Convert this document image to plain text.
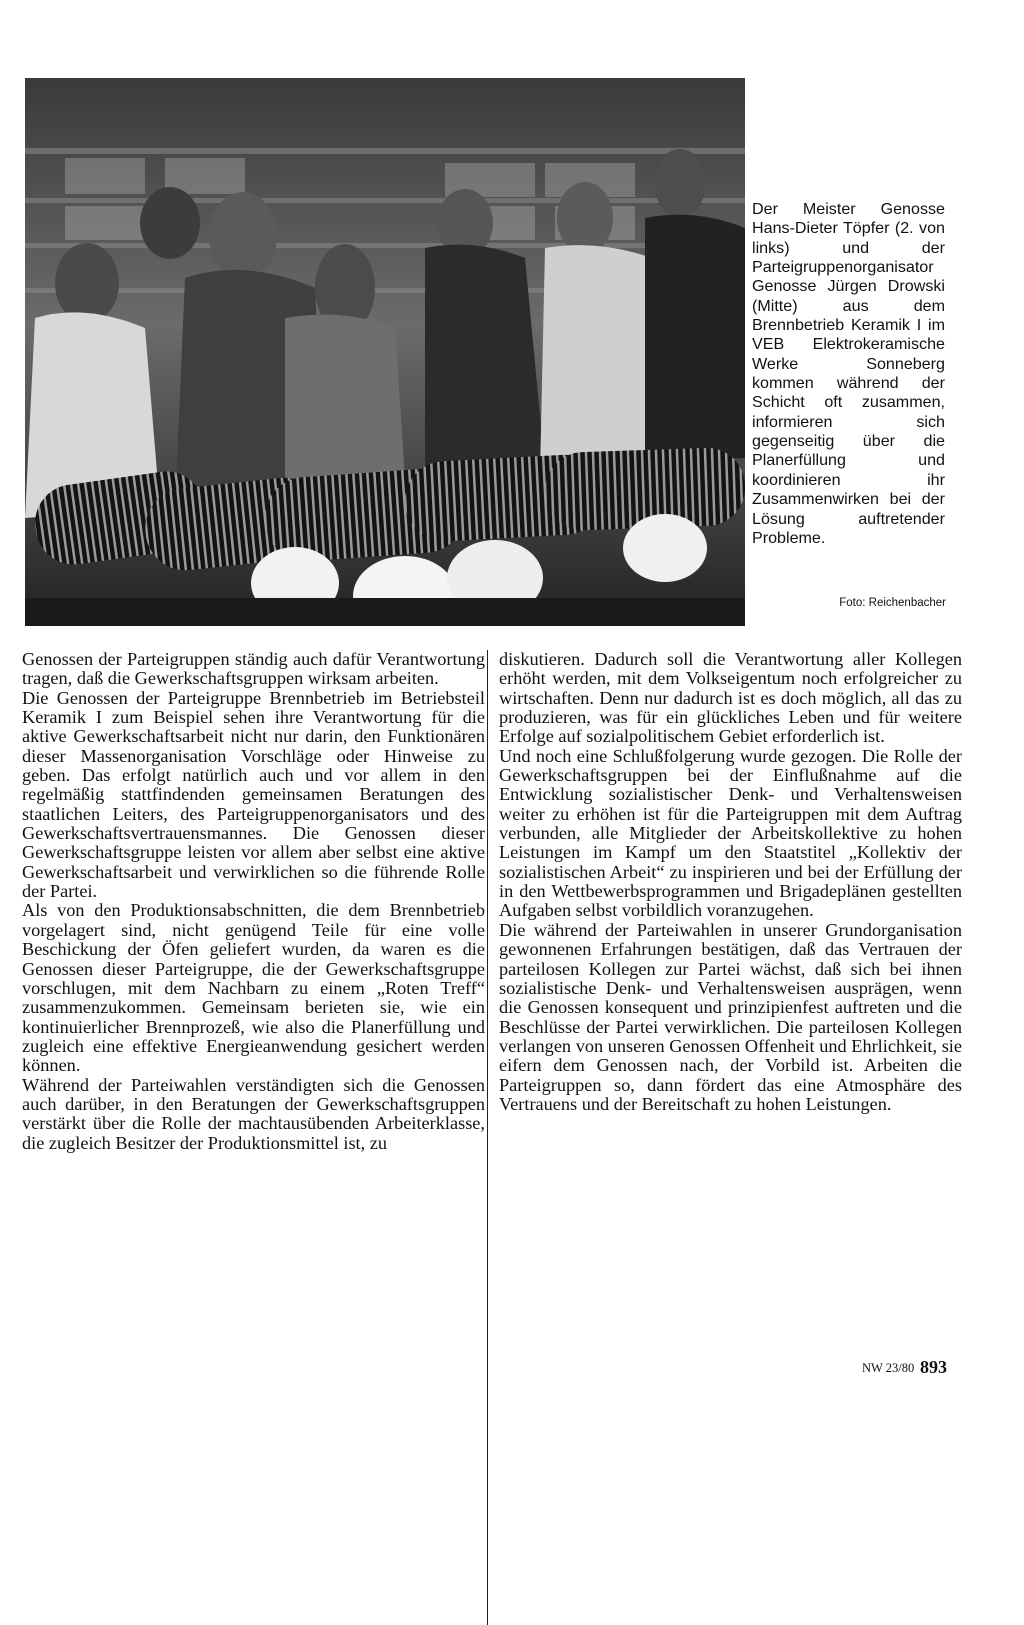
Der Meister Genosse Hans-Dieter Töpfer (2. von links) und der Parteigruppenorganisator Genosse Jürgen Drowski (Mitte) aus dem Brennbetrieb Keramik I im VEB Elektrokeramische Werke Sonneberg kommen während der Schicht oft zusammen, informieren sich gegenseitig über die Planerfüllung und koordinieren ihr Zusammenwirken bei der Lösung auftretender Probleme.

Foto: Reichenbacher

Genossen der Parteigruppen ständig auch dafür Verantwortung tragen, daß die Gewerkschaftsgruppen wirksam arbeiten.

Die Genossen der Parteigruppe Brennbetrieb im Betriebsteil Keramik I zum Beispiel sehen ihre Verantwortung für die aktive Gewerkschaftsarbeit nicht nur darin, den Funktionären dieser Massenorganisation Vorschläge oder Hinweise zu geben. Das erfolgt natürlich auch und vor allem in den regelmäßig stattfindenden gemeinsamen Beratungen des staatlichen Leiters, des Parteigruppenorganisators und des Gewerkschaftsvertrauensmannes. Die Genossen dieser Gewerkschaftsgruppe leisten vor allem aber selbst eine aktive Gewerkschaftsarbeit und verwirklichen so die führende Rolle der Partei.

Als von den Produktionsabschnitten, die dem Brennbetrieb vorgelagert sind, nicht genügend Teile für eine volle Beschickung der Öfen geliefert wurden, da waren es die Genossen dieser Parteigruppe, die der Gewerkschaftsgruppe vorschlugen, mit dem Nachbarn zu einem „Roten Treff“ zusammenzukommen. Gemeinsam berieten sie, wie ein kontinuierlicher Brennprozeß, wie also die Planerfüllung und zugleich eine effektive Energieanwendung gesichert werden können.

Während der Parteiwahlen verständigten sich die Genossen auch darüber, in den Beratungen der Gewerkschaftsgruppen verstärkt über die Rolle der machtausübenden Arbeiterklasse, die zugleich Besitzer der Produktionsmittel ist, zu

diskutieren. Dadurch soll die Verantwortung aller Kollegen erhöht werden, mit dem Volkseigentum noch erfolgreicher zu wirtschaften. Denn nur dadurch ist es doch möglich, all das zu produzieren, was für ein glückliches Leben und für weitere Erfolge auf sozialpolitischem Gebiet erforderlich ist.

Und noch eine Schlußfolgerung wurde gezogen. Die Rolle der Gewerkschaftsgruppen bei der Einflußnahme auf die Entwicklung sozialistischer Denk- und Verhaltensweisen weiter zu erhöhen ist für die Parteigruppen mit dem Auftrag verbunden, alle Mitglieder der Arbeitskollektive zu hohen Leistungen im Kampf um den Staatstitel „Kollektiv der sozialistischen Arbeit“ zu inspirieren und bei der Erfüllung der in den Wettbewerbsprogrammen und Brigadeplänen gestellten Aufgaben selbst vorbildlich voranzugehen.

Die während der Parteiwahlen in unserer Grundorganisation gewonnenen Erfahrungen bestätigen, daß das Vertrauen der parteilosen Kollegen zur Partei wächst, daß sich bei ihnen sozialistische Denk- und Verhaltensweisen ausprägen, wenn die Genossen konsequent und prinzipienfest auftreten und die Beschlüsse der Partei verwirklichen. Die parteilosen Kollegen verlangen von unseren Genossen Offenheit und Ehrlichkeit, sie eifern dem Genossen nach, der Vorbild ist. Arbeiten die Parteigruppen so, dann fördert das eine Atmosphäre des Vertrauens und der Bereitschaft zu hohen Leistungen.

NW 23/80 893
